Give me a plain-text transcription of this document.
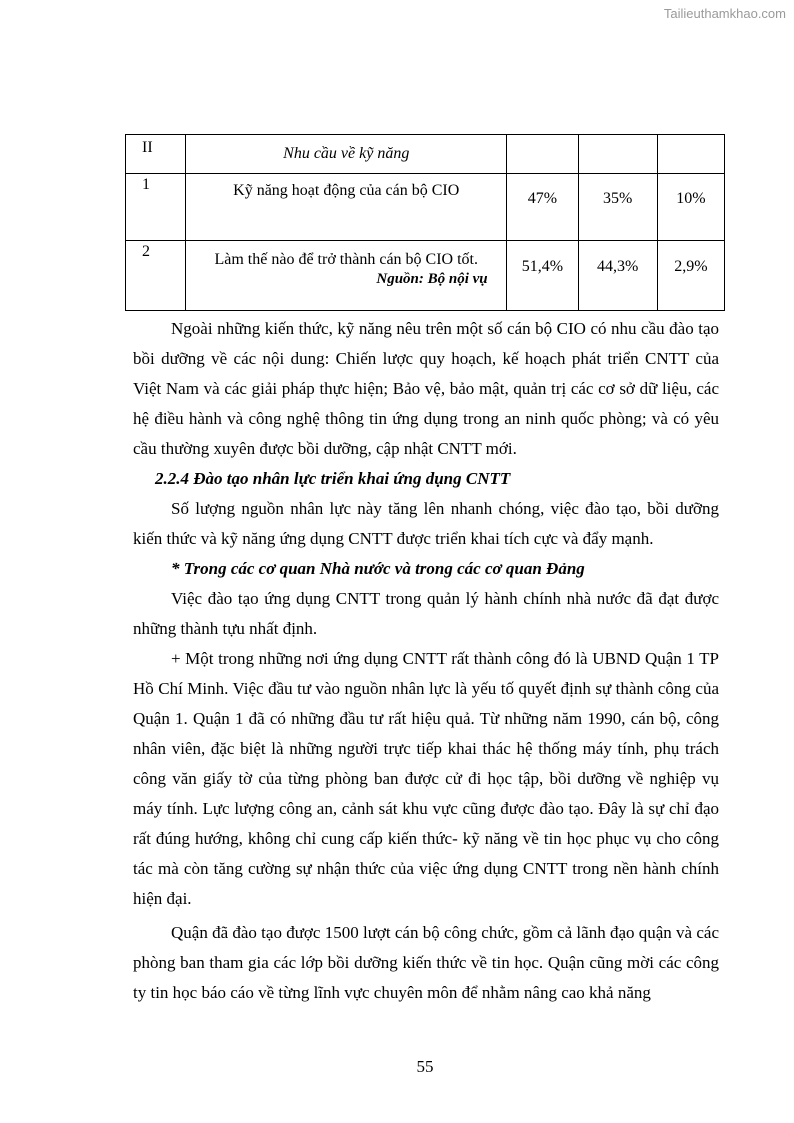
Tailieuthamkhao.com
II	Nhu cầu về kỹ năng			
1	Kỹ năng hoạt động của cán bộ CIO	47%	35%	10%
2	Làm thế nào để trở thành cán bộ CIO tốt.	51,4%	44,3%	2,9%
Nguồn: Bộ nội vụ

Ngoài những kiến thức, kỹ năng nêu trên một số cán bộ CIO có nhu cầu đào tạo bồi dưỡng về các nội dung: Chiến lược quy hoạch, kế hoạch phát triển CNTT của Việt Nam và các giải pháp thực hiện; Bảo vệ, bảo mật, quản trị các cơ sở dữ liệu, các hệ điều hành và công nghệ thông tin ứng dụng trong an ninh quốc phòng; và có yêu cầu thường xuyên được bồi dưỡng, cập nhật CNTT mới.

2.2.4 Đào tạo nhân lực triển khai ứng dụng CNTT

Số lượng nguồn nhân lực này tăng lên nhanh chóng, việc đào tạo, bồi dưỡng kiến thức và kỹ năng ứng dụng CNTT được triển khai tích cực và đẩy mạnh.

* Trong các cơ quan Nhà nước và trong các cơ quan Đảng

Việc đào tạo ứng dụng CNTT trong quản lý hành chính nhà nước đã đạt được những thành tựu nhất định.

+ Một trong những nơi ứng dụng CNTT rất thành công đó là UBND Quận 1 TP Hồ Chí Minh. Việc đầu tư vào nguồn nhân lực là yếu tố quyết định sự thành công của Quận 1. Quận 1 đã có những đầu tư rất hiệu quả. Từ những năm 1990, cán bộ, công nhân viên, đặc biệt là những người trực tiếp khai thác hệ thống máy tính, phụ trách công văn giấy tờ của từng phòng ban được cử đi học tập, bồi dưỡng về nghiệp vụ máy tính. Lực lượng công an, cảnh sát khu vực cũng được đào tạo. Đây là sự chỉ đạo rất đúng hướng, không chỉ cung cấp kiến thức- kỹ năng về tin học phục vụ cho công tác mà còn tăng cường sự nhận thức của việc ứng dụng CNTT trong nền hành chính hiện đại.

Quận đã đào tạo được 1500 lượt cán bộ công chức, gồm cả lãnh đạo quận và các phòng ban tham gia các lớp bồi dưỡng kiến thức về tin học. Quận cũng mời các công ty tin học báo cáo về từng lĩnh vực chuyên môn để nhằm nâng cao khả năng

55
